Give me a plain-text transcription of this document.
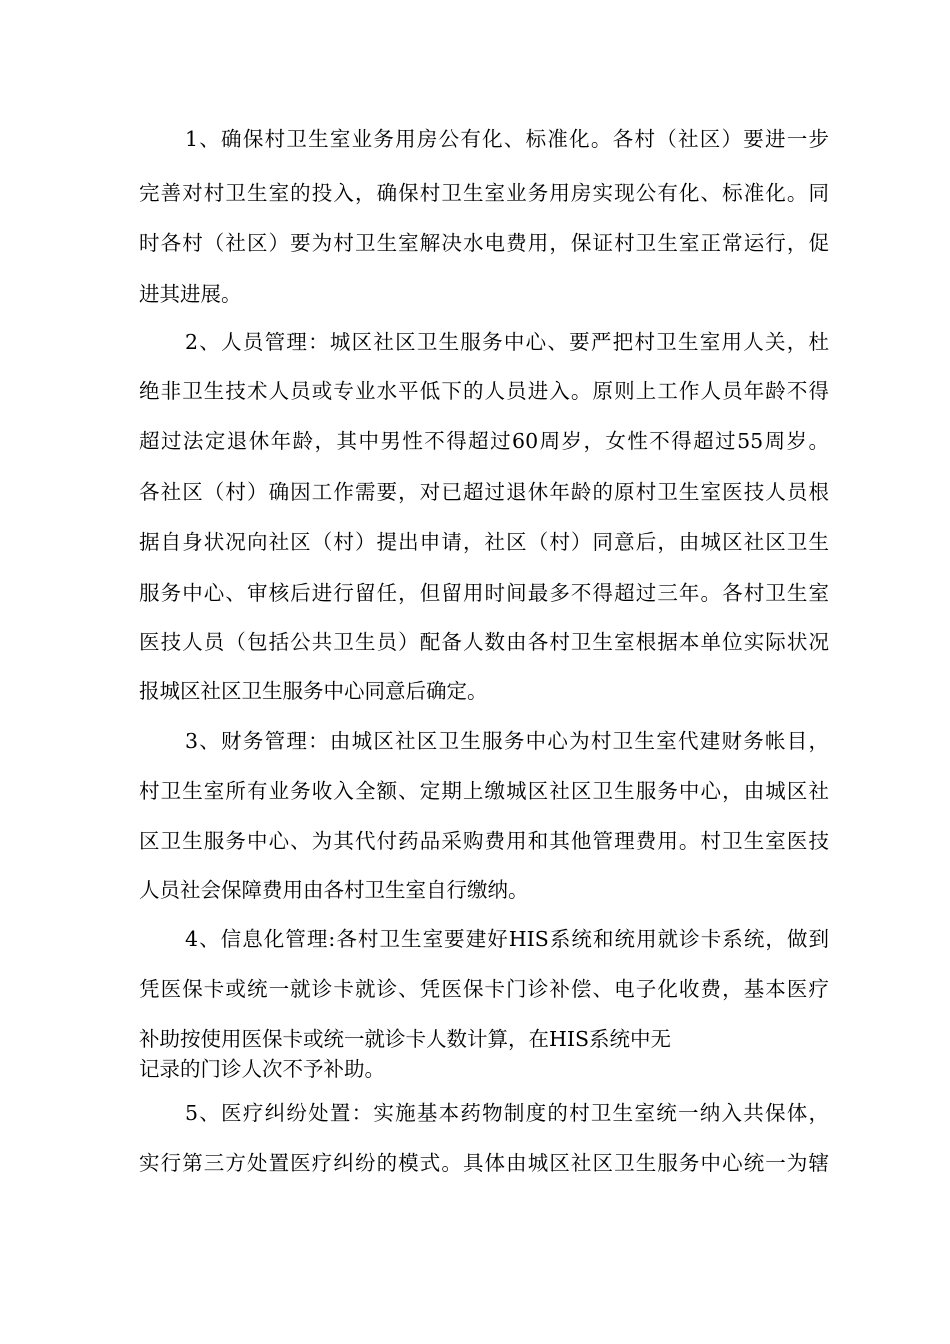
1、确保村卫生室业务用房公有化、标准化。各村（社区）要进一步
完善对村卫生室的投入，确保村卫生室业务用房实现公有化、标准化。同
时各村（社区）要为村卫生室解决水电费用，保证村卫生室正常运行，促
进其进展。
2、人员管理：城区社区卫生服务中心、要严把村卫生室用人关，杜
绝非卫生技术人员或专业水平低下的人员进入。原则上工作人员年龄不得
超过法定退休年龄，其中男性不得超过60周岁，女性不得超过55周岁。
各社区（村）确因工作需要，对已超过退休年龄的原村卫生室医技人员根
据自身状况向社区（村）提出申请，社区（村）同意后，由城区社区卫生
服务中心、审核后进行留任，但留用时间最多不得超过三年。各村卫生室
医技人员（包括公共卫生员）配备人数由各村卫生室根据本单位实际状况
报城区社区卫生服务中心同意后确定。
3、财务管理：由城区社区卫生服务中心为村卫生室代建财务帐目，
村卫生室所有业务收入全额、定期上缴城区社区卫生服务中心，由城区社
区卫生服务中心、为其代付药品采购费用和其他管理费用。村卫生室医技
人员社会保障费用由各村卫生室自行缴纳。
4、信息化管理:各村卫生室要建好HIS系统和统用就诊卡系统，做到
凭医保卡或统一就诊卡就诊、凭医保卡门诊补偿、电子化收费，基本医疗
补助按使用医保卡或统一就诊卡人数计算，在HIS系统中无
记录的门诊人次不予补助。
5、医疗纠纷处置：实施基本药物制度的村卫生室统一纳入共保体，
实行第三方处置医疗纠纷的模式。具体由城区社区卫生服务中心统一为辖
